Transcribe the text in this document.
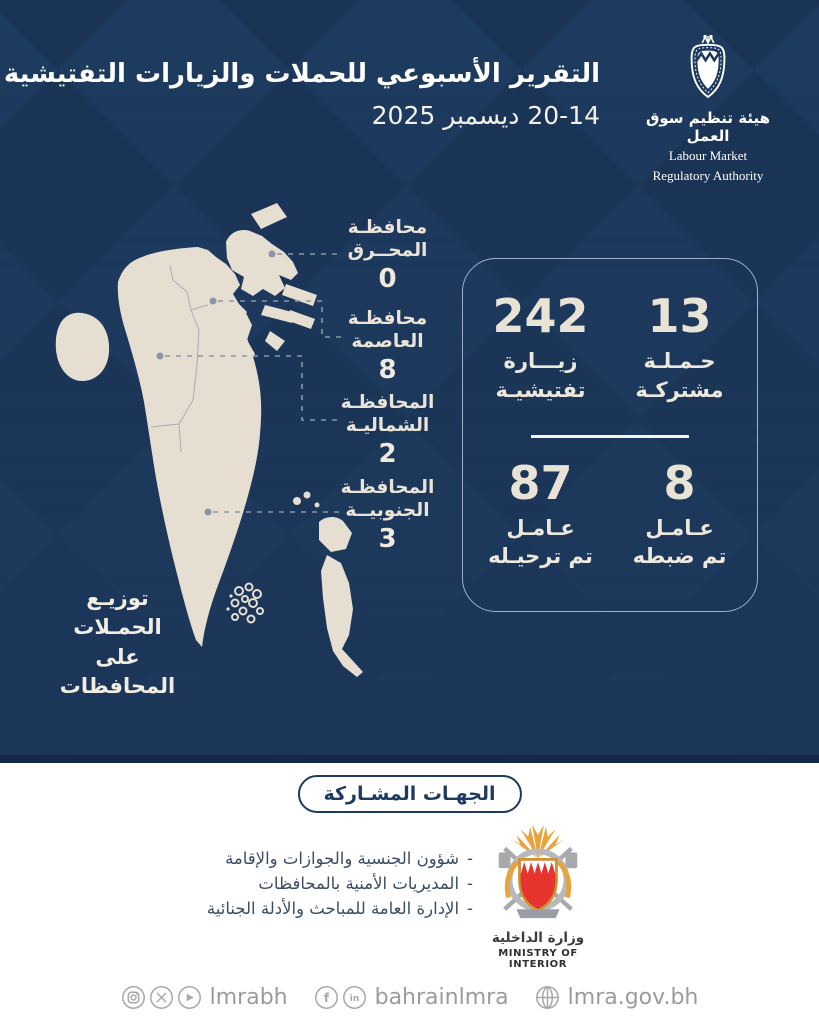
التقرير الأسبوعي للحملات والزيارات التفتيشية
20-14 ديسمبر 2025	هيئة تنظيم سوق العمل
Labour Market
Regulatory Authority
محافظـة
المحــرق
0
محافظـة
العاصمة
8
المحافظـة
الشماليـة
2
المحافظـة
الجنوبيــة
3
توزيـع الحمـلات
على المحافظات
13
حـمـلـة
مشتركـة
242
زيـــارة
تفتيشيـة
8
عـامـل
تم ضبطه
87
عـامـل
تم ترحيـله
الجهـات المشـاركة
-
شؤون الجنسية والجوازات والإقامة
-
المديريات الأمنية بالمحافظات
-
الإدارة العامة للمباحث والأدلة الجنائية
وزارة الداخلية
MINISTRY OF INTERIOR
lmrabh	f in bahrainlmra	lmra.gov.bh
